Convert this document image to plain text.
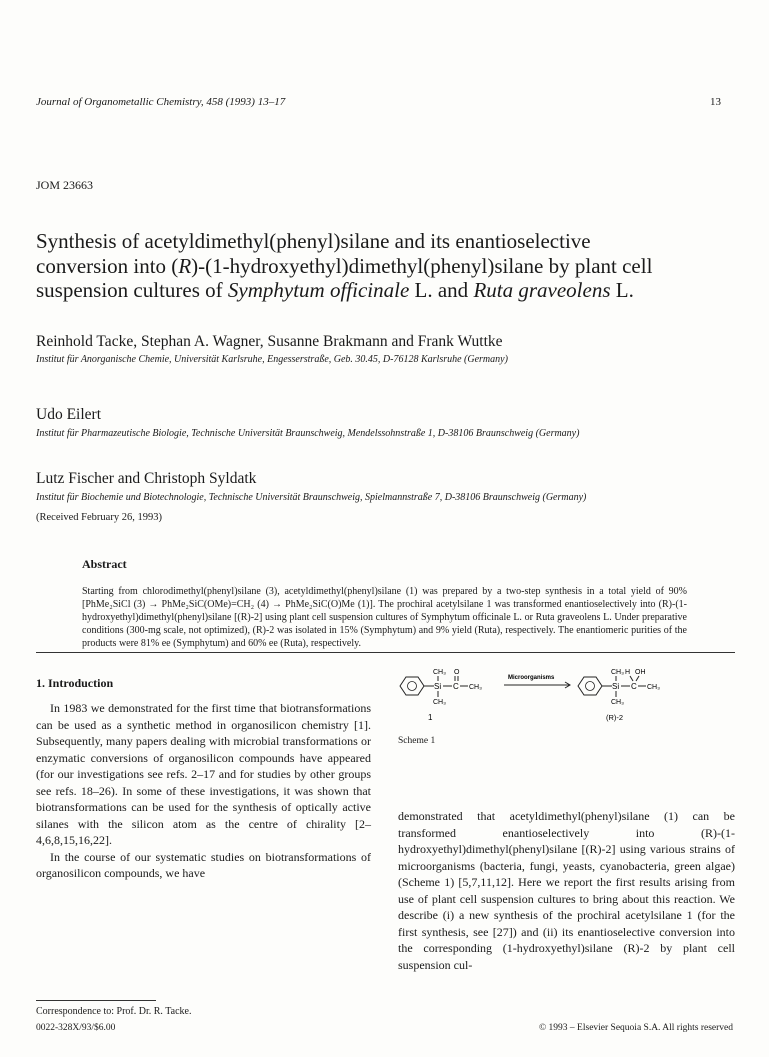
Journal of Organometallic Chemistry, 458 (1993) 13–17	13
JOM 23663
Synthesis of acetyldimethyl(phenyl)silane and its enantioselective
conversion into (R)-(1-hydroxyethyl)dimethyl(phenyl)silane by plant cell
suspension cultures of Symphytum officinale L. and Ruta graveolens L.
Reinhold Tacke, Stephan A. Wagner, Susanne Brakmann and Frank Wuttke
Institut für Anorganische Chemie, Universität Karlsruhe, Engesserstraße, Geb. 30.45, D-76128 Karlsruhe (Germany)
Udo Eilert
Institut für Pharmazeutische Biologie, Technische Universität Braunschweig, Mendelssohnstraße 1, D-38106 Braunschweig (Germany)
Lutz Fischer and Christoph Syldatk
Institut für Biochemie und Biotechnologie, Technische Universität Braunschweig, Spielmannstraße 7, D-38106 Braunschweig (Germany)
(Received February 26, 1993)
Abstract
Starting from chlorodimethyl(phenyl)silane (3), acetyldimethyl(phenyl)silane (1) was prepared by a two-step synthesis in a total yield of 90% [PhMe₂SiCl (3) → PhMe₂SiC(OMe)=CH₂ (4) → PhMe₂SiC(O)Me (1)]. The prochiral acetylsilane 1 was transformed enantioselectively into (R)-(1-hydroxyethyl)dimethyl(phenyl)silane [(R)-2] using plant cell suspension cultures of Symphytum officinale L. or Ruta graveolens L. Under preparative conditions (300-mg scale, not optimized), (R)-2 was isolated in 15% (Symphytum) and 9% yield (Ruta), respectively. The enantiomeric purities of the products were 81% ee (Symphytum) and 60% ee (Ruta), respectively.
1. Introduction

In 1983 we demonstrated for the first time that biotransformations can be used as a synthetic method in organosilicon chemistry [1]. Subsequently, many papers dealing with microbial transformations or enzymatic conversions of organosilicon compounds have appeared (for our investigations see refs. 2–17 and for studies by other groups see refs. 18–26). In some of these investigations, it was shown that biotransformations can be used for the synthesis of optically active silanes with the silicon atom as the centre of chirality [2–4,6,8,15,16,22].

In the course of our systematic studies on biotransformations of organosilicon compounds, we have

Correspondence to: Prof. Dr. R. Tacke.
Si C CH₃
CH₃
CH₃
O
1
Microorganisms
Si C CH₃
CH₃
CH₃
H OH
(R)-2
Scheme 1

demonstrated that acetyldimethyl(phenyl)silane (1) can be transformed enantioselectively into (R)-(1-hydroxyethyl)dimethyl(phenyl)silane [(R)-2] using various strains of microorganisms (bacteria, fungi, yeasts, cyanobacteria, green algae) (Scheme 1) [5,7,11,12]. Here we report the first results arising from use of plant cell suspension cultures to bring about this reaction. We describe (i) a new synthesis of the prochiral acetylsilane 1 (for the first synthesis, see [27]) and (ii) its enantioselective conversion into the corresponding (1-hydroxyethyl)silane (R)-2 by plant cell suspension cul-

0022-328X/93/$6.00	© 1993 – Elsevier Sequoia S.A. All rights reserved
